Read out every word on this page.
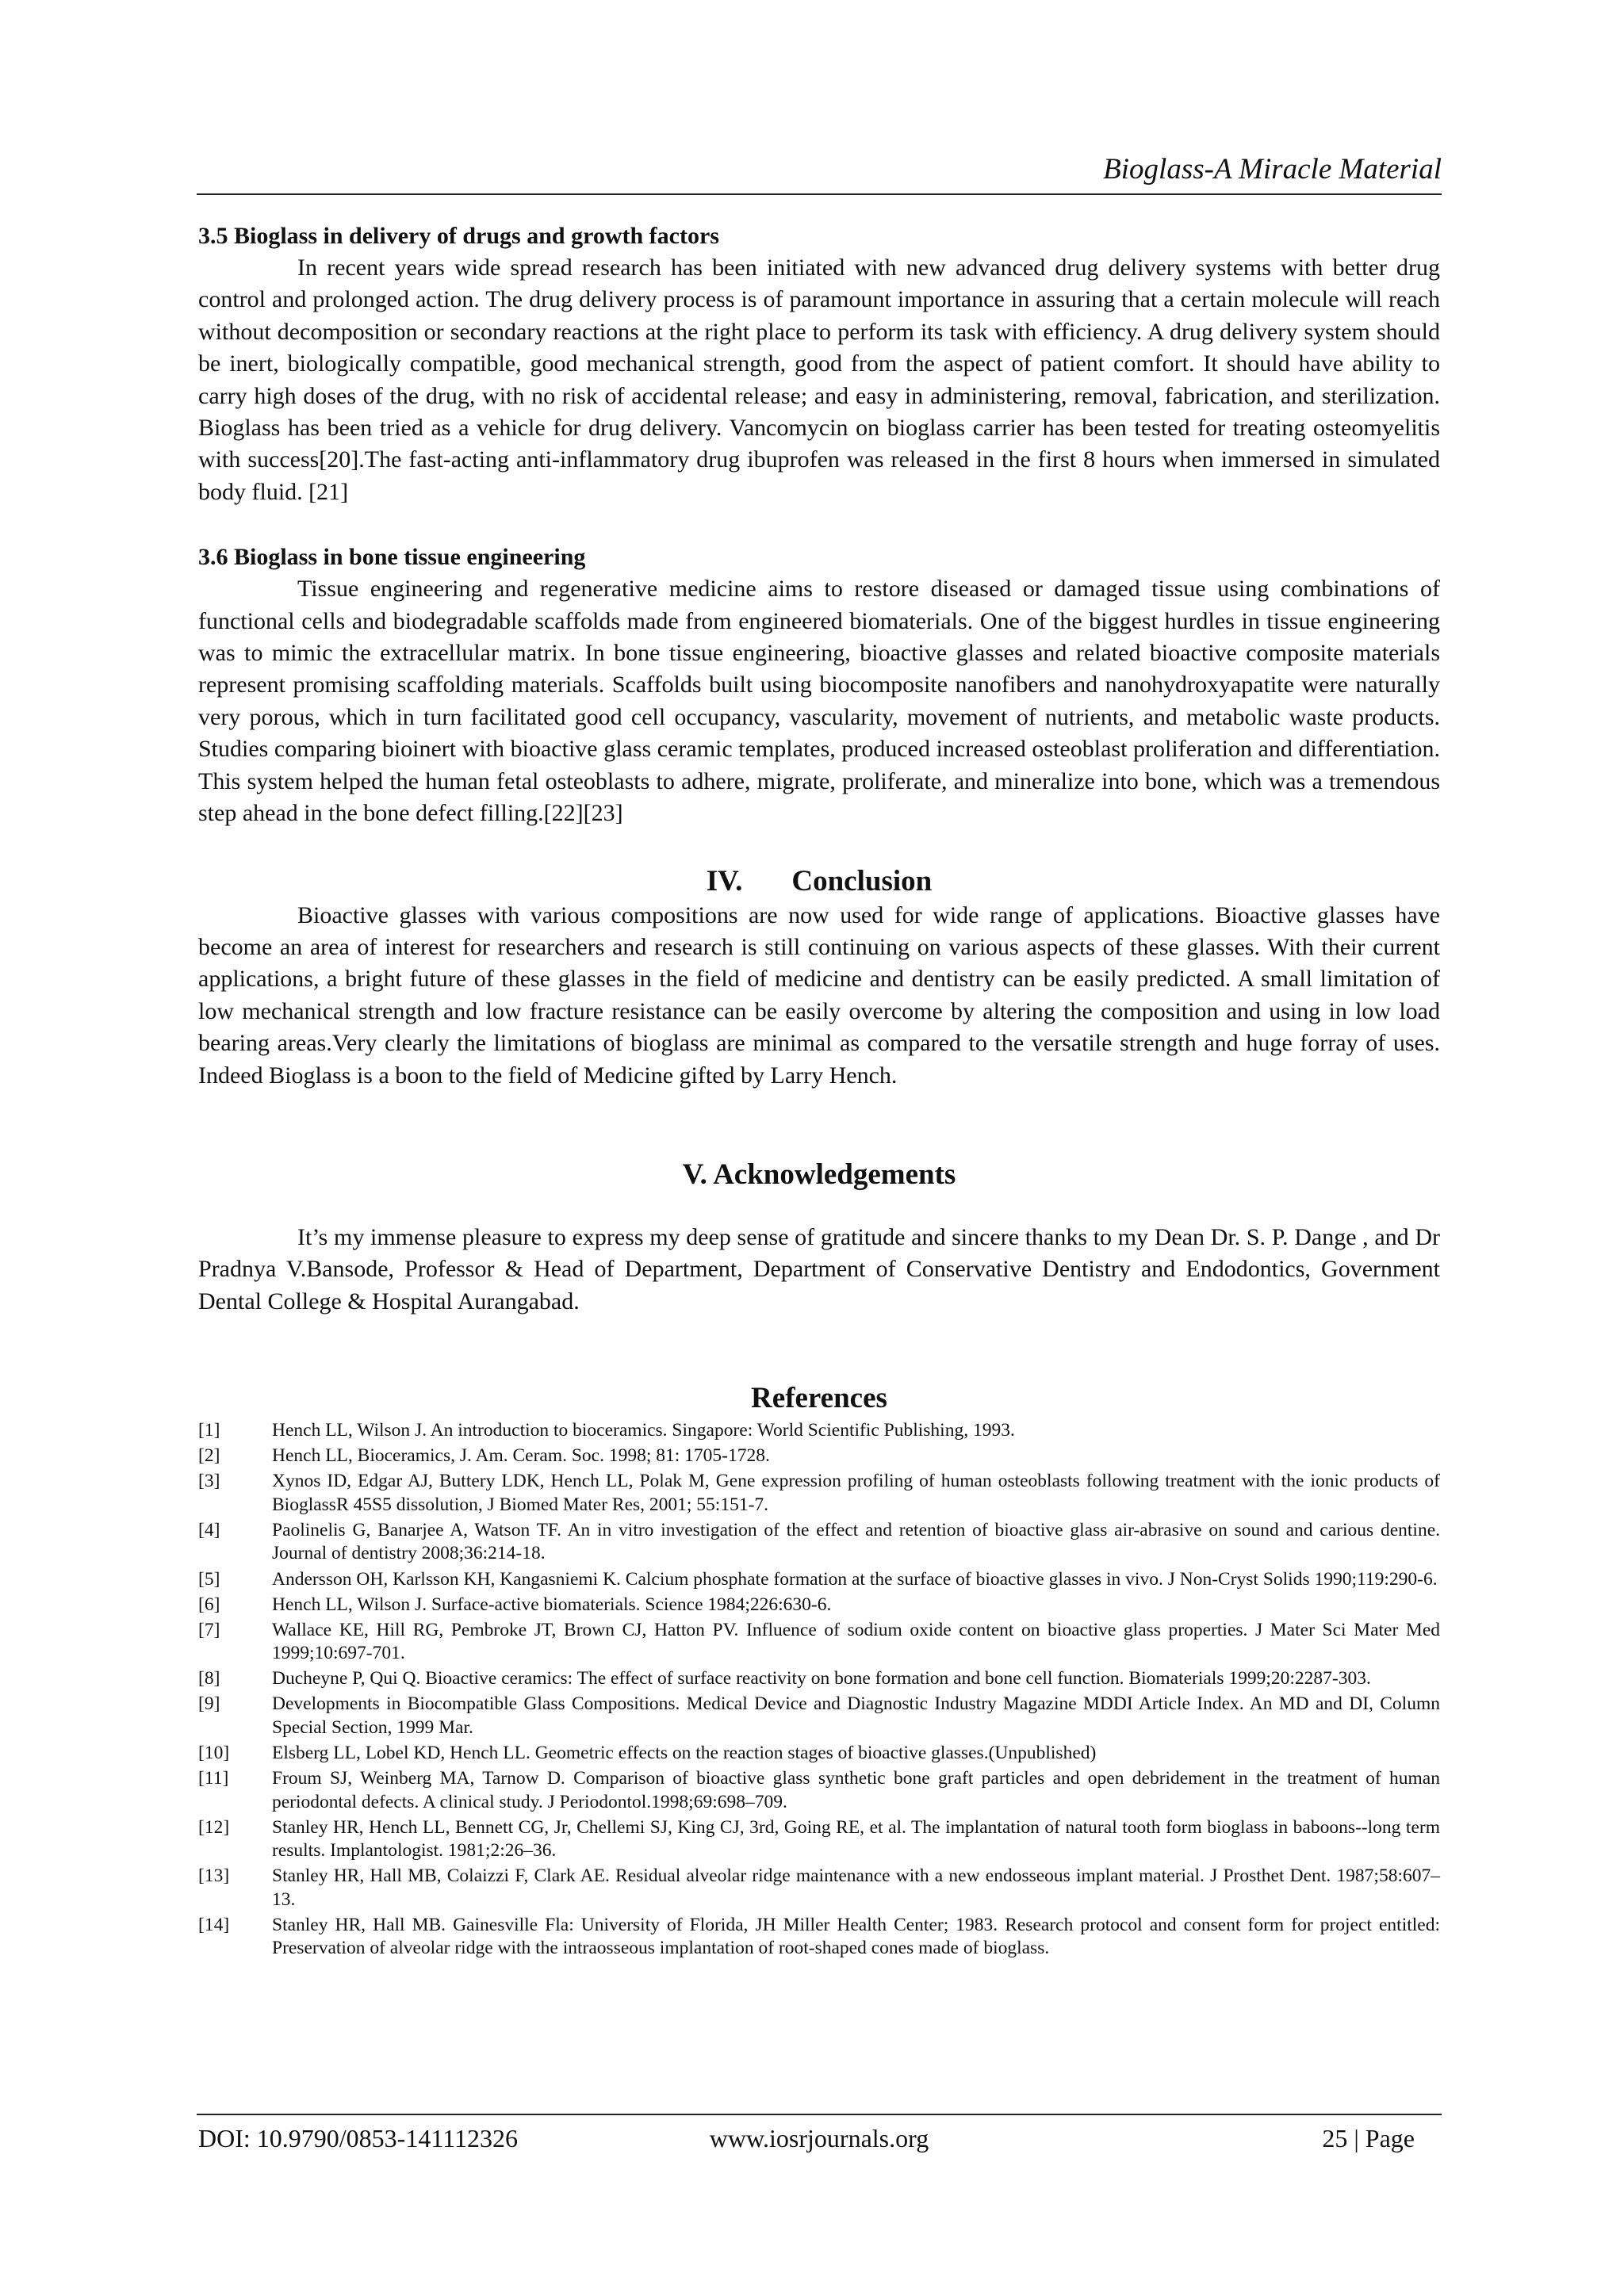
Bioglass-A Miracle Material
3.5 Bioglass in delivery of drugs and growth factors

In recent years wide spread research has been initiated with new advanced drug delivery systems with better drug control and prolonged action. The drug delivery process is of paramount importance in assuring that a certain molecule will reach without decomposition or secondary reactions at the right place to perform its task with efficiency. A drug delivery system should be inert, biologically compatible, good mechanical strength, good from the aspect of patient comfort. It should have ability to carry high doses of the drug, with no risk of accidental release; and easy in administering, removal, fabrication, and sterilization. Bioglass has been tried as a vehicle for drug delivery. Vancomycin on bioglass carrier has been tested for treating osteomyelitis with success[20].The fast-acting anti-inflammatory drug ibuprofen was released in the first 8 hours when immersed in simulated body fluid. [21]

3.6 Bioglass in bone tissue engineering

Tissue engineering and regenerative medicine aims to restore diseased or damaged tissue using combinations of functional cells and biodegradable scaffolds made from engineered biomaterials. One of the biggest hurdles in tissue engineering was to mimic the extracellular matrix. In bone tissue engineering, bioactive glasses and related bioactive composite materials represent promising scaffolding materials. Scaffolds built using biocomposite nanofibers and nanohydroxyapatite were naturally very porous, which in turn facilitated good cell occupancy, vascularity, movement of nutrients, and metabolic waste products. Studies comparing bioinert with bioactive glass ceramic templates, produced increased osteoblast proliferation and differentiation. This system helped the human fetal osteoblasts to adhere, migrate, proliferate, and mineralize into bone, which was a tremendous step ahead in the bone defect filling.[22][23]

IV. Conclusion

Bioactive glasses with various compositions are now used for wide range of applications. Bioactive glasses have become an area of interest for researchers and research is still continuing on various aspects of these glasses. With their current applications, a bright future of these glasses in the field of medicine and dentistry can be easily predicted. A small limitation of low mechanical strength and low fracture resistance can be easily overcome by altering the composition and using in low load bearing areas.Very clearly the limitations of bioglass are minimal as compared to the versatile strength and huge forray of uses. Indeed Bioglass is a boon to the field of Medicine gifted by Larry Hench.

V. Acknowledgements

It’s my immense pleasure to express my deep sense of gratitude and sincere thanks to my Dean Dr. S. P. Dange , and Dr Pradnya V.Bansode, Professor & Head of Department, Department of Conservative Dentistry and Endodontics, Government Dental College & Hospital Aurangabad.

References
[1]	Hench LL, Wilson J. An introduction to bioceramics. Singapore: World Scientific Publishing, 1993.
[2]	Hench LL, Bioceramics, J. Am. Ceram. Soc. 1998; 81: 1705-1728.
[3]	Xynos ID, Edgar AJ, Buttery LDK, Hench LL, Polak M, Gene expression profiling of human osteoblasts following treatment with the ionic products of BioglassR 45S5 dissolution, J Biomed Mater Res, 2001; 55:151-7.
[4]	Paolinelis G, Banarjee A, Watson TF. An in vitro investigation of the effect and retention of bioactive glass air-abrasive on sound and carious dentine. Journal of dentistry 2008;36:214-18.
[5]	Andersson OH, Karlsson KH, Kangasniemi K. Calcium phosphate formation at the surface of bioactive glasses in vivo. J Non-Cryst Solids 1990;119:290-6.
[6]	Hench LL, Wilson J. Surface-active biomaterials. Science 1984;226:630-6.
[7]	Wallace KE, Hill RG, Pembroke JT, Brown CJ, Hatton PV. Influence of sodium oxide content on bioactive glass properties. J Mater Sci Mater Med 1999;10:697-701.
[8]	Ducheyne P, Qui Q. Bioactive ceramics: The effect of surface reactivity on bone formation and bone cell function. Biomaterials 1999;20:2287-303.
[9]	Developments in Biocompatible Glass Compositions. Medical Device and Diagnostic Industry Magazine MDDI Article Index. An MD and DI, Column Special Section, 1999 Mar.
[10]	Elsberg LL, Lobel KD, Hench LL. Geometric effects on the reaction stages of bioactive glasses.(Unpublished)
[11]	Froum SJ, Weinberg MA, Tarnow D. Comparison of bioactive glass synthetic bone graft particles and open debridement in the treatment of human periodontal defects. A clinical study. J Periodontol.1998;69:698–709.
[12]	Stanley HR, Hench LL, Bennett CG, Jr, Chellemi SJ, King CJ, 3rd, Going RE, et al. The implantation of natural tooth form bioglass in baboons--long term results. Implantologist. 1981;2:26–36.
[13]	Stanley HR, Hall MB, Colaizzi F, Clark AE. Residual alveolar ridge maintenance with a new endosseous implant material. J Prosthet Dent. 1987;58:607–13.
[14]	Stanley HR, Hall MB. Gainesville Fla: University of Florida, JH Miller Health Center; 1983. Research protocol and consent form for project entitled: Preservation of alveolar ridge with the intraosseous implantation of root-shaped cones made of bioglass.
DOI: 10.9790/0853-141112326	www.iosrjournals.org	25 | Page
